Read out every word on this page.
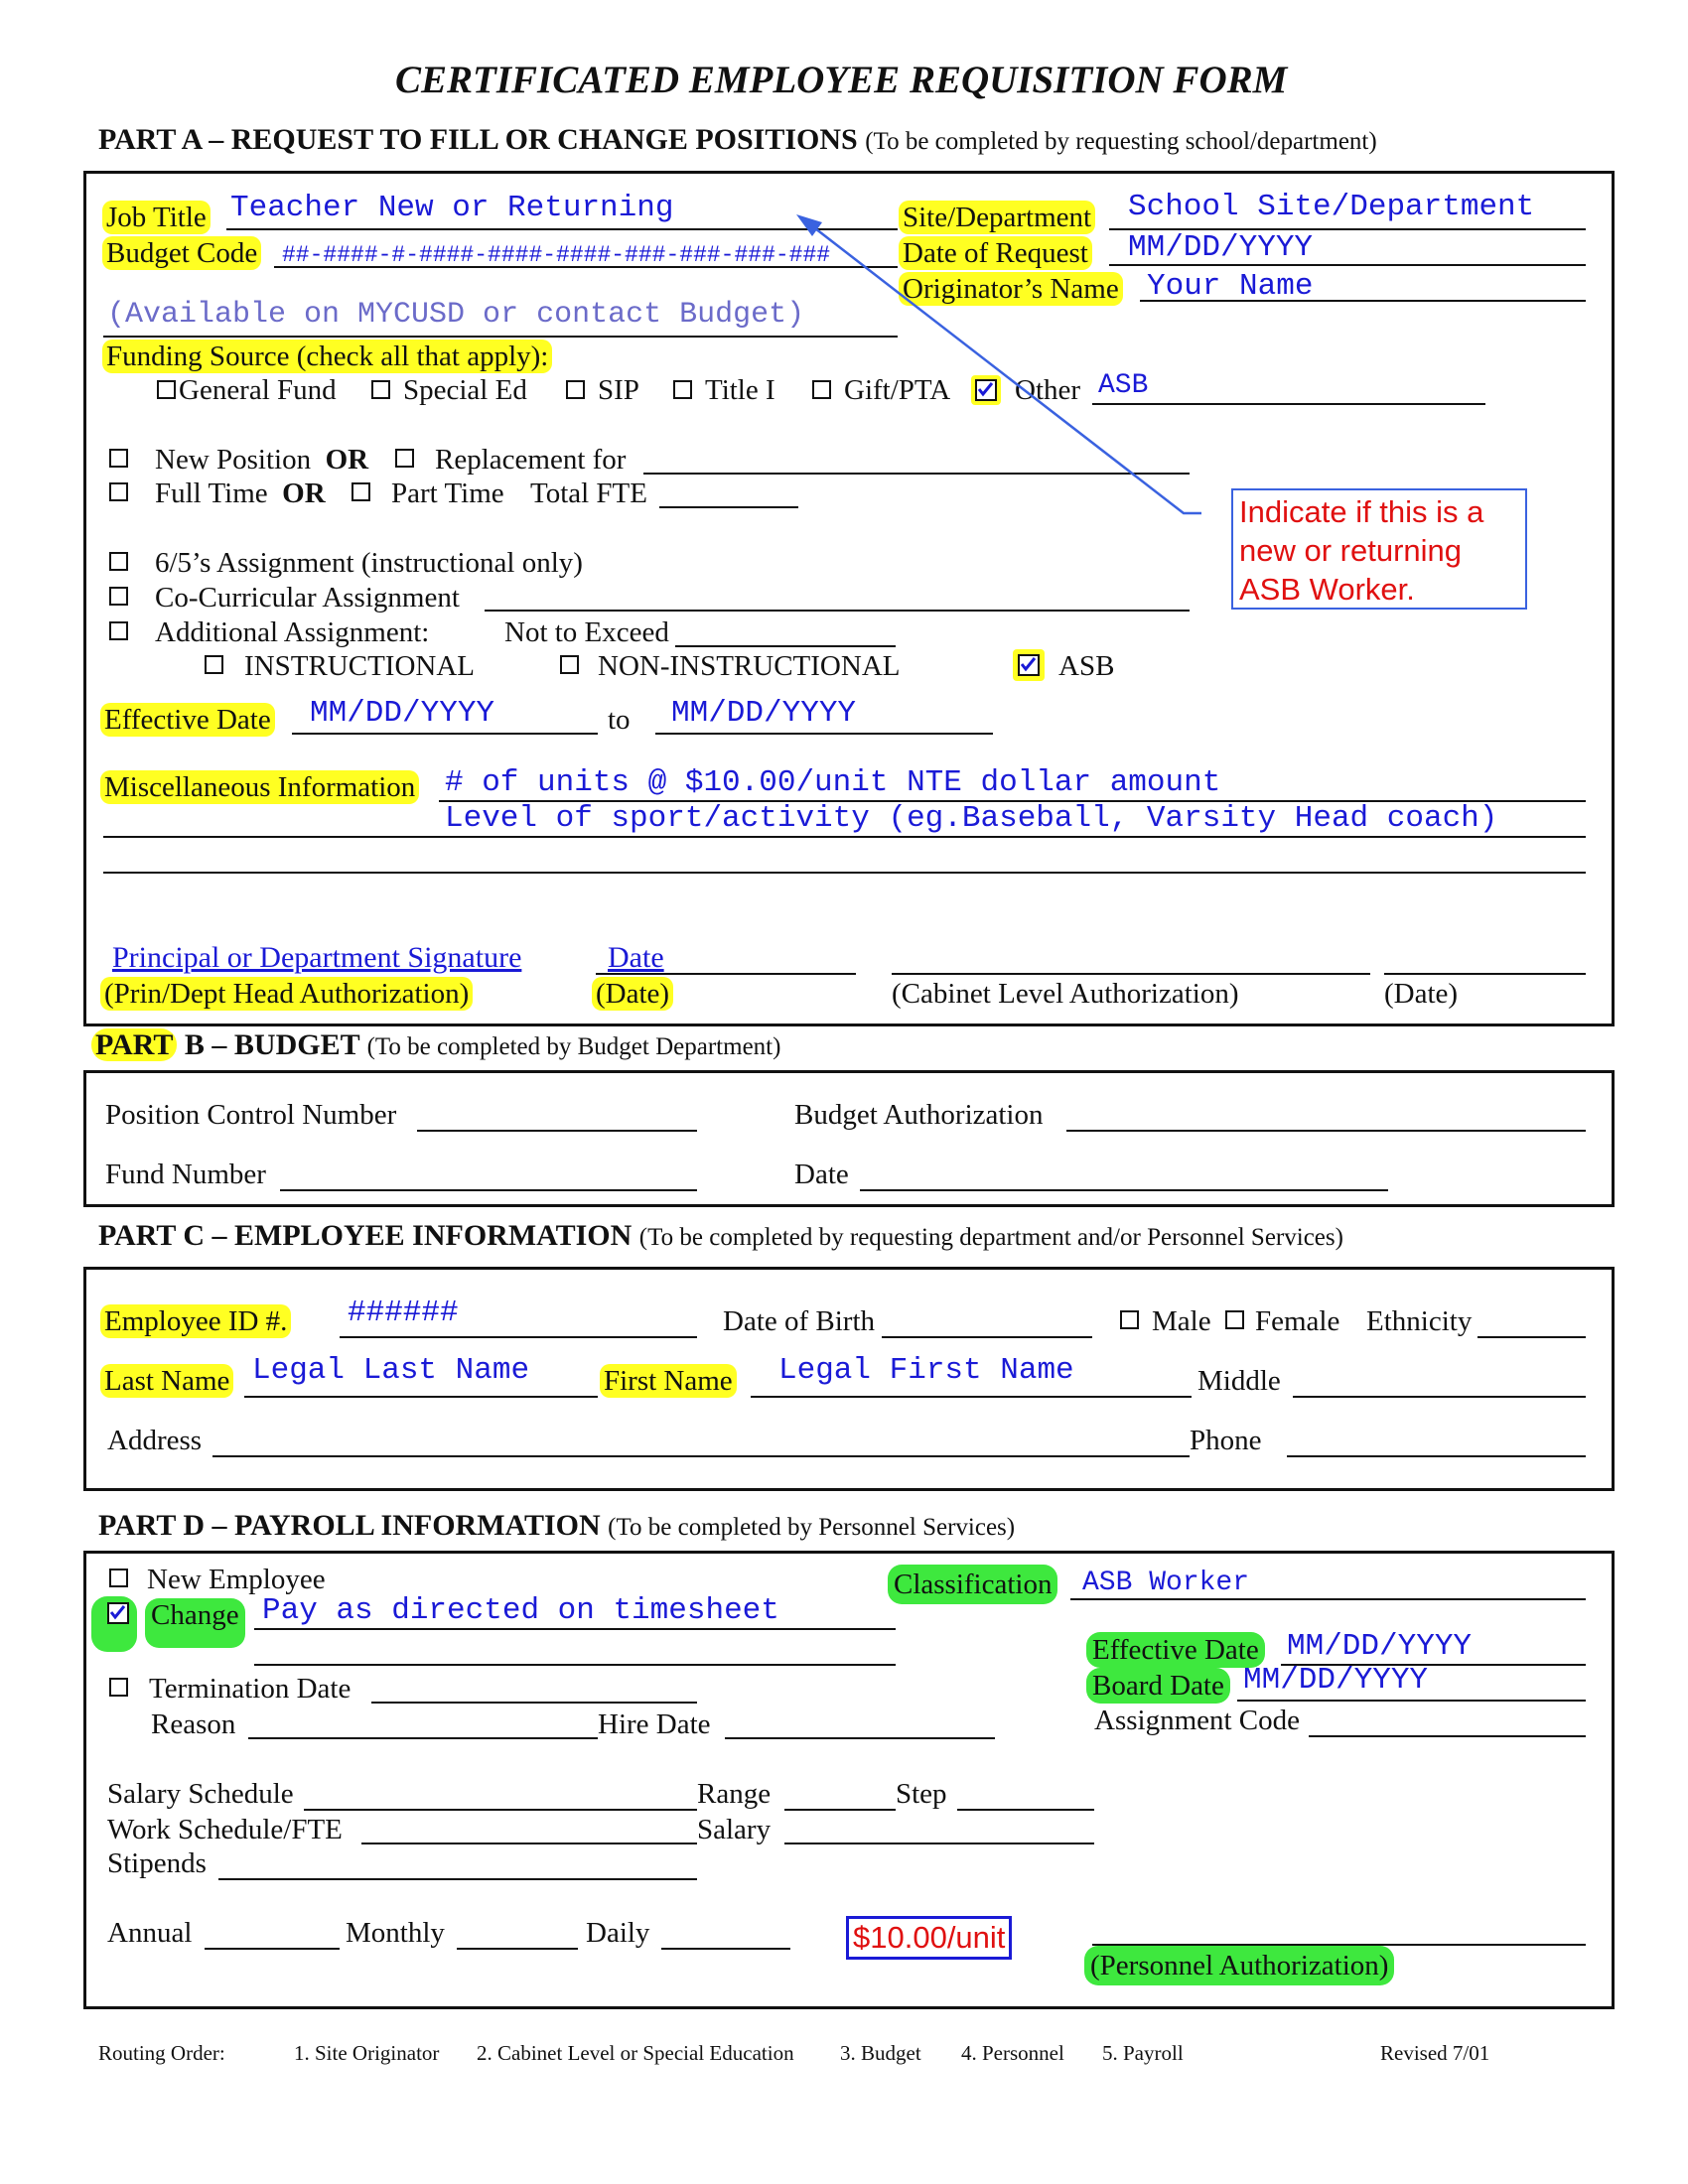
CERTIFICATED EMPLOYEE REQUISITION FORM
PART A – REQUEST TO FILL OR CHANGE POSITIONS (To be completed by requesting school/department)
Job Title Teacher New or Returning
Budget Code ##-####-#-####-####-####-###-###-###-###
(Available on MYCUSD or contact Budget)
Site/Department School Site/Department
Date of Request MM/DD/YYYY
Originator’s Name Your Name
Funding Source (check all that apply):
General Fund Special Ed SIP Title I Gift/PTA Other ASB
New Position OR Replacement for
Full Time OR Part Time Total FTE
6/5’s Assignment (instructional only)
Co-Curricular Assignment
Additional Assignment:	Not to Exceed
INSTRUCTIONAL	NON-INSTRUCTIONAL	ASB
Effective Date MM/DD/YYYY	to MM/DD/YYYY
Miscellaneous Information # of units @ $10.00/unit NTE dollar amount
Level of sport/activity (eg.Baseball, Varsity Head coach)
Principal or Department Signature	Date
(Prin/Dept Head Authorization)	(Date)	(Cabinet Level Authorization)	(Date)
Indicate if this is a new or returning ASB Worker.
PART B – BUDGET (To be completed by Budget Department)
Position Control Number	Budget Authorization
Fund Number	Date
PART C – EMPLOYEE INFORMATION (To be completed by requesting department and/or Personnel Services)
Employee ID #. ######	Date of Birth	Male Female Ethnicity
Last Name Legal Last Name	First Name Legal First Name	Middle
Address	Phone
PART D – PAYROLL INFORMATION (To be completed by Personnel Services)
New Employee
Change Pay as directed on timesheet
Classification ASB Worker
Effective Date MM/DD/YYYY
Board Date MM/DD/YYYY
Assignment Code
Termination Date
Reason	Hire Date
Salary Schedule	Range	Step
Work Schedule/FTE	Salary
Stipends
Annual	Monthly	Daily	$10.00/unit
(Personnel Authorization)
Routing Order:	1. Site Originator 2. Cabinet Level or Special Education 3. Budget 4. Personnel 5. Payroll	Revised 7/01
